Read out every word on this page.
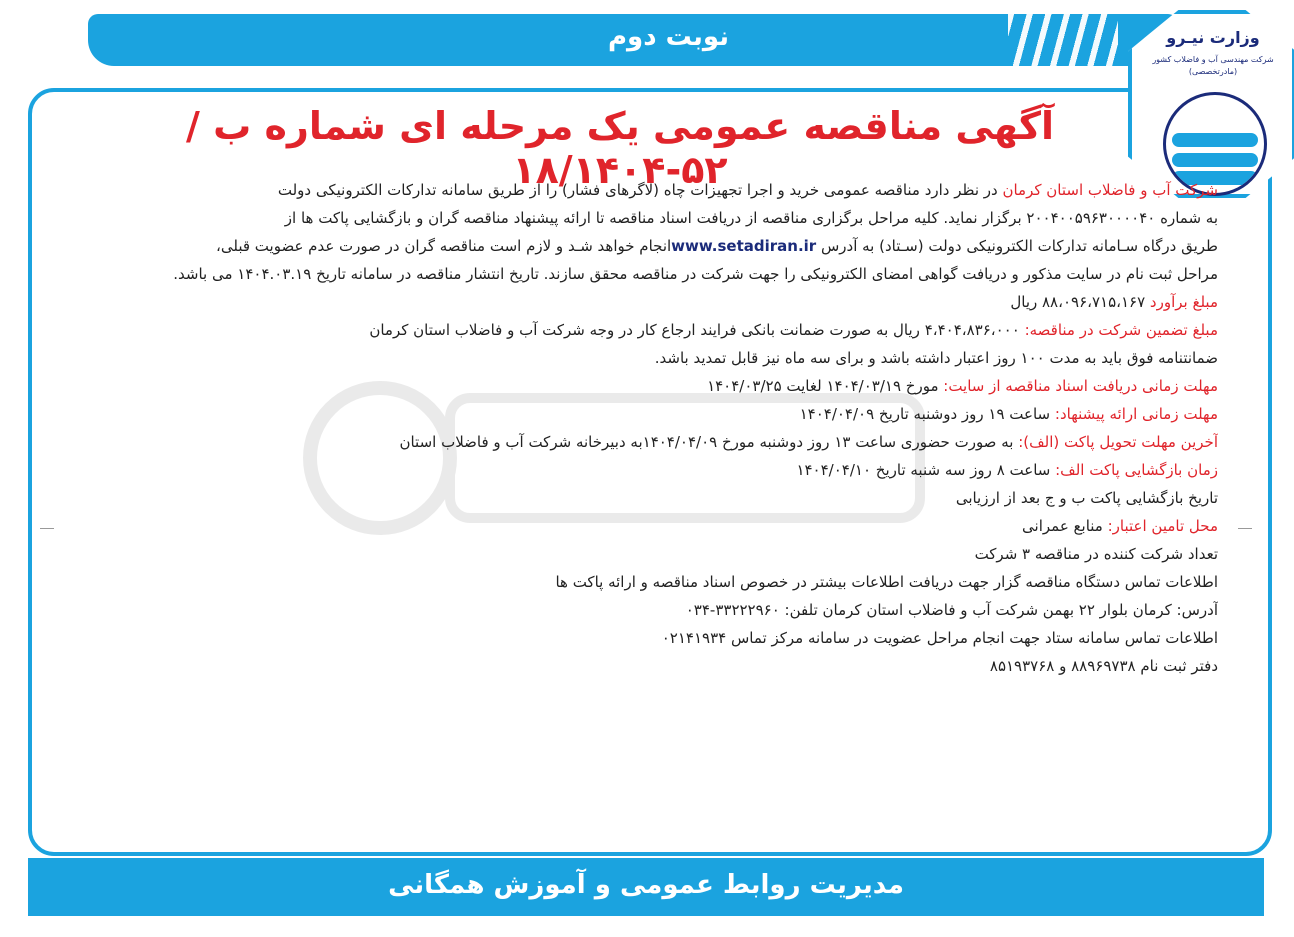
نوبت دوم	وزارت نیـرو
شرکت مهندسی آب و فاضلاب کشور (مادرتخصصی)
آگهی مناقصه عمومی یک مرحله ای شماره ب /۵۲-۱۸/۱۴۰۴	شرکت آب و فاضلاب استان کرمان در نظر دارد مناقصه عمومی خرید و اجرا تجهیزات چاه (لاگرهای فشار) را از طریق سامانه تدارکات الکترونیکی دولت

به شماره ۲۰۰۴۰۰۵۹۶۳۰۰۰۰۴۰ برگزار نماید. کلیه مراحل برگزاری مناقصه از دریافت اسناد مناقصه تا ارائه پیشنهاد مناقصه گران و بازگشایی پاکت ها از

طریق درگاه سـامانه تدارکات الکترونیکی دولت (سـتاد) به آدرس www.setadiran.irانجام خواهد شـد و لازم است مناقصه گران در صورت عدم عضویت قبلی،

مراحل ثبت نام در سایت مذکور و دریافت گواهی امضای الکترونیکی را جهت شرکت در مناقصه محقق سازند. تاریخ انتشار مناقصه در سامانه تاریخ ۱۴۰۴.۰۳.۱۹ می باشد.

مبلغ برآورد ۸۸،۰۹۶،۷۱۵،۱۶۷ ریال

مبلغ تضمین شرکت در مناقصه: ۴،۴۰۴،۸۳۶،۰۰۰ ریال به صورت ضمانت بانکی فرایند ارجاع کار در وجه شرکت آب و فاضلاب استان کرمان

ضمانتنامه فوق باید به مدت ۱۰۰ روز اعتبار داشته باشد و برای سه ماه نیز قابل تمدید باشد.

مهلت زمانی دریافت اسناد مناقصه از سایت: مورخ ۱۴۰۴/۰۳/۱۹ لغایت ۱۴۰۴/۰۳/۲۵

مهلت زمانی ارائه پیشنهاد: ساعت ۱۹ روز دوشنبه تاریخ ۱۴۰۴/۰۴/۰۹

آخرین مهلت تحویل پاکت (الف): به صورت حضوری ساعت ۱۳ روز دوشنبه مورخ ۱۴۰۴/۰۴/۰۹به دبیرخانه شرکت آب و فاضلاب استان

زمان بازگشایی پاکت الف: ساعت ۸ روز سه شنبه تاریخ ۱۴۰۴/۰۴/۱۰

تاریخ بازگشایی پاکت ب و ج بعد از ارزیابی

محل تامین اعتبار: منابع عمرانی

تعداد شرکت کننده در مناقصه ۳ شرکت

اطلاعات تماس دستگاه مناقصه گزار جهت دریافت اطلاعات بیشتر در خصوص اسناد مناقصه و ارائه پاکت ها

آدرس: کرمان بلوار ۲۲ بهمن شرکت آب و فاضلاب استان کرمان تلفن: ۳۳۲۲۲۹۶۰-۰۳۴

اطلاعات تماس سامانه ستاد جهت انجام مراحل عضویت در سامانه مرکز تماس ۰۲۱۴۱۹۳۴

دفتر ثبت نام ۸۸۹۶۹۷۳۸ و ۸۵۱۹۳۷۶۸

مدیریت روابط عمومی و آموزش همگانی
